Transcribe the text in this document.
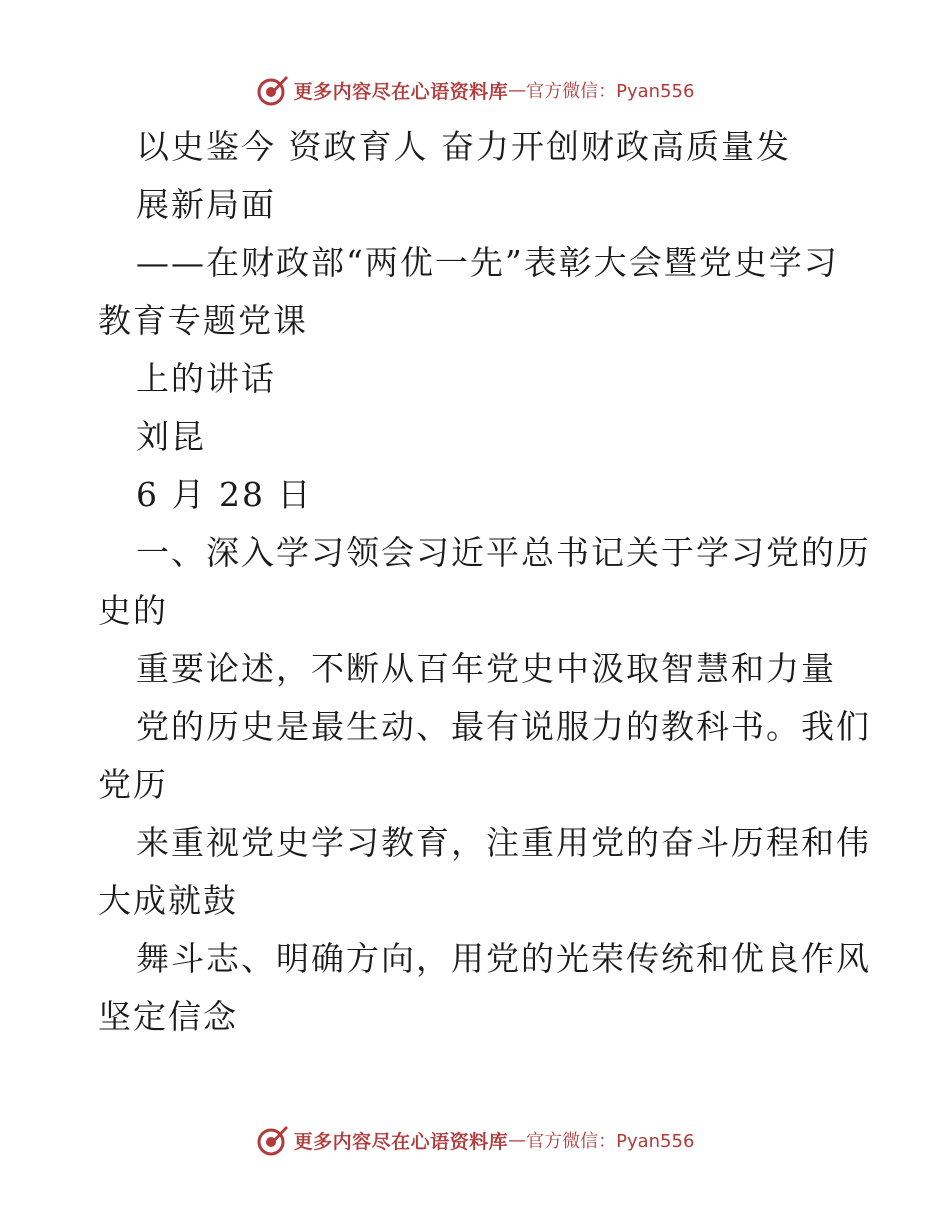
更多内容尽在心语资料库 — 官方微信：Pyan556
以史鉴今 资政育人 奋力开创财政高质量发
展新局面
——在财政部“两优一先”表彰大会暨党史学习
教育专题党课
上的讲话
刘昆
6 月 28 日
一、深入学习领会习近平总书记关于学习党的历
史的
重要论述，不断从百年党史中汲取智慧和力量
党的历史是最生动、最有说服力的教科书。我们
党历
来重视党史学习教育，注重用党的奋斗历程和伟
大成就鼓
舞斗志、明确方向，用党的光荣传统和优良作风
坚定信念
更多内容尽在心语资料库 — 官方微信：Pyan556
